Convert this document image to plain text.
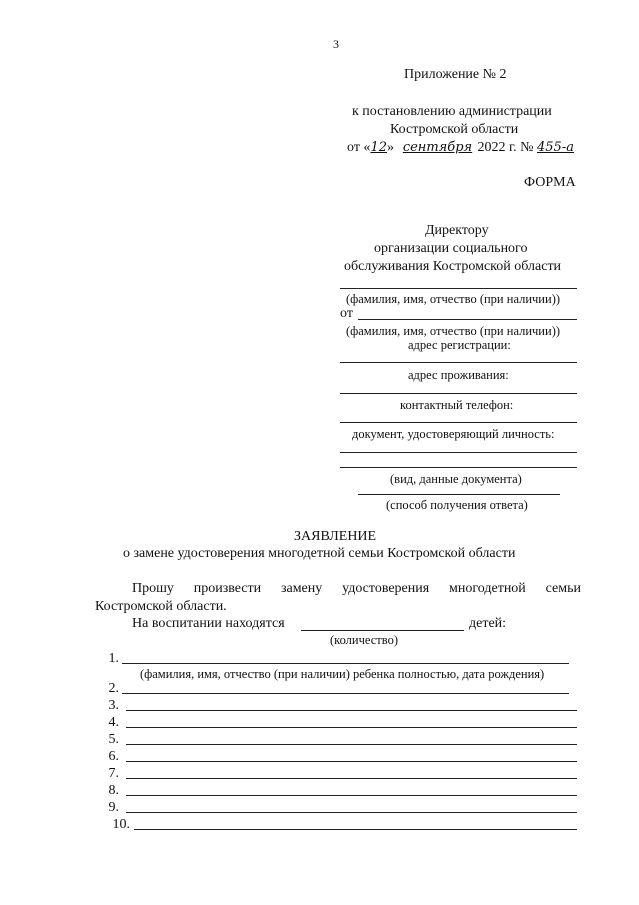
3
Приложение № 2
к постановлению администрации
Костромской области
от «12» сентября 2022 г. № 455-а
ФОРМА
Директору
организации социального
обслуживания Костромской области
(фамилия, имя, отчество (при наличии))
от
(фамилия, имя, отчество (при наличии))
адрес регистрации:
адрес проживания:
контактный телефон:
документ, удостоверяющий личность:
(вид, данные документа)
(способ получения ответа)
ЗАЯВЛЕНИЕ
о замене удостоверения многодетной семьи Костромской области
Прошу произвести замену удостоверения многодетной семьи
Костромской области.
На воспитании находятся	детей:
(количество)
1.
(фамилия, имя, отчество (при наличии) ребенка полностью, дата рождения)
2.
3.
4.
5.
6.
7.
8.
9.
10.
